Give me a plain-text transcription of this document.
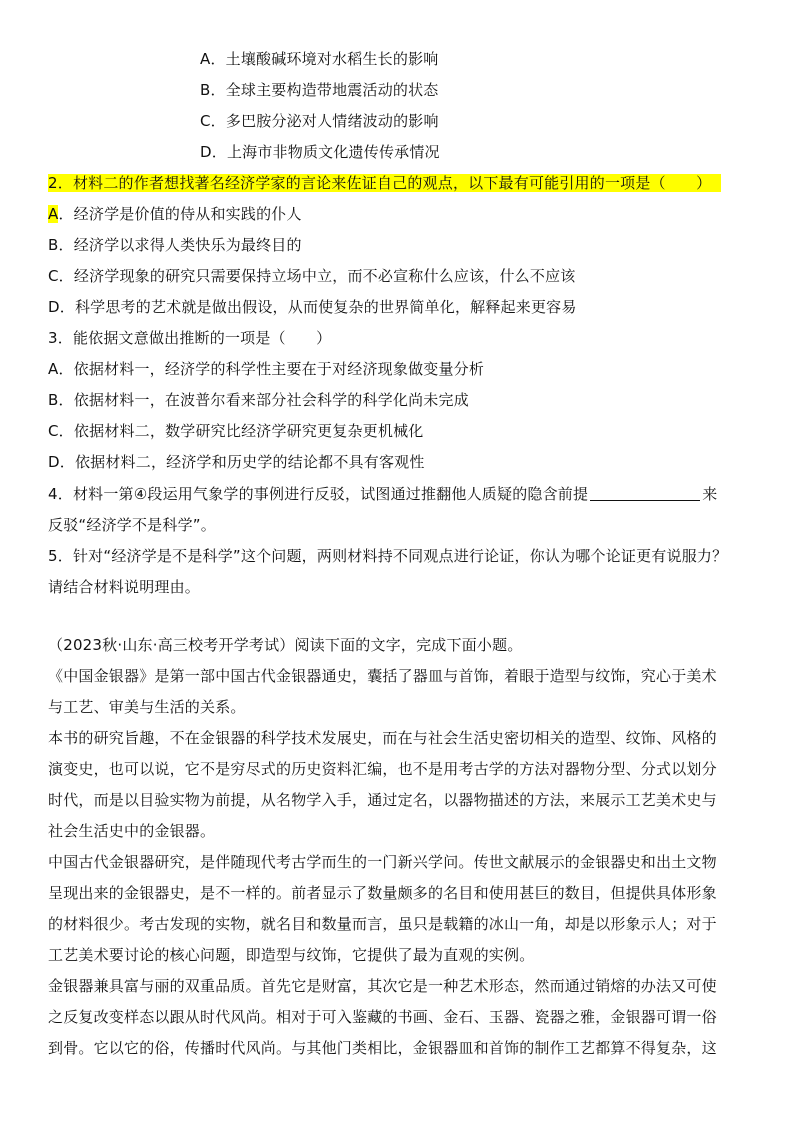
A．土壤酸碱环境对水稻生长的影响
B．全球主要构造带地震活动的状态
C．多巴胺分泌对人情绪波动的影响
D．上海市非物质文化遗传传承情况
2．材料二的作者想找著名经济学家的言论来佐证自己的观点，以下最有可能引用的一项是（　　）
A．经济学是价值的侍从和实践的仆人
B．经济学以求得人类快乐为最终目的
C．经济学现象的研究只需要保持立场中立，而不必宣称什么应该，什么不应该
D．科学思考的艺术就是做出假设，从而使复杂的世界简单化，解释起来更容易
3．能依据文意做出推断的一项是（　　）
A．依据材料一，经济学的科学性主要在于对经济现象做变量分析
B．依据材料一，在波普尔看来部分社会科学的科学化尚未完成
C．依据材料二，数学研究比经济学研究更复杂更机械化
D．依据材料二，经济学和历史学的结论都不具有客观性
4．材料一第④段运用气象学的事例进行反驳，试图通过推翻他人质疑的隐含前提	来
反驳“经济学不是科学”。
5．针对“经济学是不是科学”这个问题，两则材料持不同观点进行论证，你认为哪个论证更有说服力？
请结合材料说明理由。
（2023秋·山东·高三校考开学考试）阅读下面的文字，完成下面小题。
《中国金银器》是第一部中国古代金银器通史，囊括了器皿与首饰，着眼于造型与纹饰，究心于美术
与工艺、审美与生活的关系。
本书的研究旨趣，不在金银器的科学技术发展史，而在与社会生活史密切相关的造型、纹饰、风格的
演变史，也可以说，它不是穷尽式的历史资料汇编，也不是用考古学的方法对器物分型、分式以划分
时代，而是以目验实物为前提，从名物学入手，通过定名，以器物描述的方法，来展示工艺美术史与
社会生活史中的金银器。
中国古代金银器研究，是伴随现代考古学而生的一门新兴学问。传世文献展示的金银器史和出土文物
呈现出来的金银器史，是不一样的。前者显示了数量颇多的名目和使用甚巨的数目，但提供具体形象
的材料很少。考古发现的实物，就名目和数量而言，虽只是载籍的冰山一角，却是以形象示人；对于
工艺美术要讨论的核心问题，即造型与纹饰，它提供了最为直观的实例。
金银器兼具富与丽的双重品质。首先它是财富，其次它是一种艺术形态，然而通过销熔的办法又可使
之反复改变样态以跟从时代风尚。相对于可入鉴藏的书画、金石、玉器、瓷器之雅，金银器可谓一俗
到骨。它以它的俗，传播时代风尚。与其他门类相比，金银器皿和首饰的制作工艺都算不得复杂，这
